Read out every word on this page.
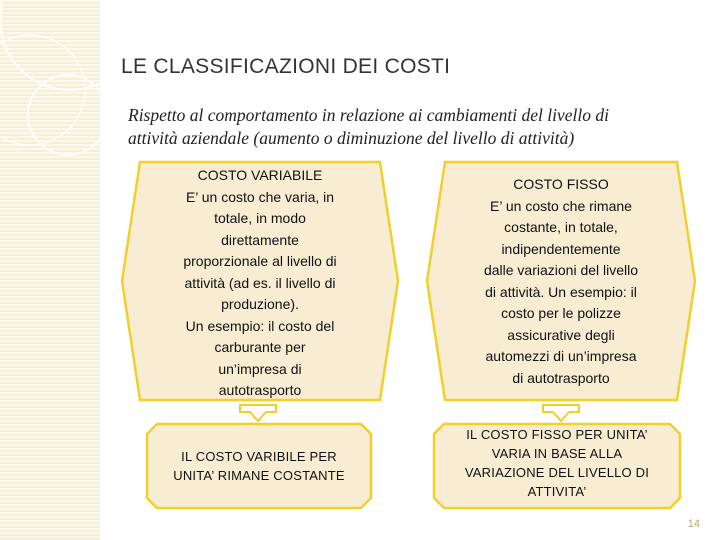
LE CLASSIFICAZIONI DEI COSTI
Rispetto al comportamento in relazione ai cambiamenti del livello di
attività aziendale (aumento o diminuzione del livello di attività)
COSTO VARIABILE
E’ un costo che varia, in
totale, in modo
direttamente
proporzionale al livello di
attività (ad es. il livello di
produzione).
Un esempio: il costo del
carburante per
un’impresa di
autotrasporto
COSTO FISSO
E’ un costo che rimane
costante, in totale,
indipendentemente
dalle variazioni del livello
di attività. Un esempio: il
costo per le polizze
assicurative degli
automezzi di un’impresa
di autotrasporto
IL COSTO VARIBILE PER
UNITA’ RIMANE COSTANTE
IL COSTO FISSO PER UNITA’
VARIA IN BASE ALLA
VARIAZIONE DEL LIVELLO DI
ATTIVITA’
14
